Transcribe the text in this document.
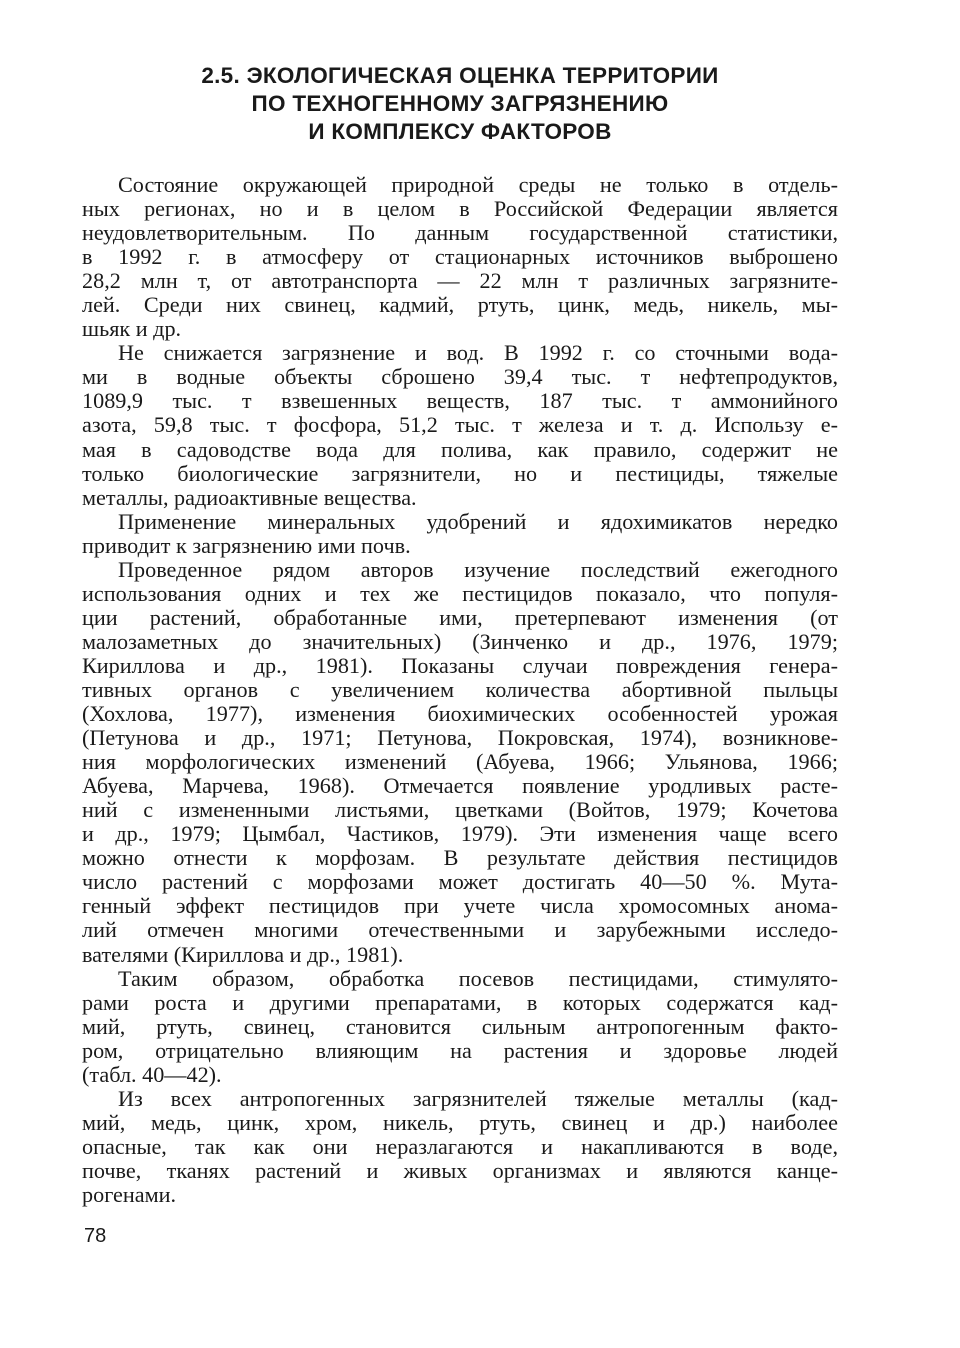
2.5. ЭКОЛОГИЧЕСКАЯ ОЦЕНКА ТЕРРИТОРИИ
ПО ТЕХНОГЕННОМУ ЗАГРЯЗНЕНИЮ
И КОМПЛЕКСУ ФАКТОРОВ

Состояние окружающей природной среды не только в отдель-
ных регионах, но и в целом в Российской Федерации является
неудовлетворительным. По данным государственной статистики,
в 1992 г. в атмосферу от стационарных источников выброшено
28,2 млн т, от автотранспорта — 22 млн т различных загрязните-
лей. Среди них свинец, кадмий, ртуть, цинк, медь, никель, мы-
шьяк и др.

Не снижается загрязнение и вод. В 1992 г. со сточными вода-
ми в водные объекты сброшено 39,4 тыс. т нефтепродуктов,
1089,9 тыс. т взвешенных веществ, 187 тыс. т аммонийного
азота, 59,8 тыс. т фосфора, 51,2 тыс. т железа и т. д. Использу е-
мая в садоводстве вода для полива, как правило, содержит не
только биологические загрязнители, но и пестициды, тяжелые
металлы, радиоактивные вещества.

Применение минеральных удобрений и ядохимикатов нередко
приводит к загрязнению ими почв.

Проведенное рядом авторов изучение последствий ежегодного
использования одних и тех же пестицидов показало, что популя-
ции растений, обработанные ими, претерпевают изменения (от
малозаметных до значительных) (Зинченко и др., 1976, 1979;
Кириллова и др., 1981). Показаны случаи повреждения генера-
тивных органов с увеличением количества абортивной пыльцы
(Хохлова, 1977), изменения биохимических особенностей урожая
(Петунова и др., 1971; Петунова, Покровская, 1974), возникнове-
ния морфологических изменений (Абуева, 1966; Ульянова, 1966;
Абуева, Марчева, 1968). Отмечается появление уродливых расте-
ний с измененными листьями, цветками (Войтов, 1979; Кочетова
и др., 1979; Цымбал, Частиков, 1979). Эти изменения чаще всего
можно отнести к морфозам. В результате действия пестицидов
число растений с морфозами может достигать 40—50 %. Мута-
генный эффект пестицидов при учете числа хромосомных анома-
лий отмечен многими отечественными и зарубежными исследо-
вателями (Кириллова и др., 1981).

Таким образом, обработка посевов пестицидами, стимулято-
рами роста и другими препаратами, в которых содержатся кад-
мий, ртуть, свинец, становится сильным антропогенным факто-
ром, отрицательно влияющим на растения и здоровье людей
(табл. 40—42).

Из всех антропогенных загрязнителей тяжелые металлы (кад-
мий, медь, цинк, хром, никель, ртуть, свинец и др.) наиболее
опасные, так как они неразлагаются и накапливаются в воде,
почве, тканях растений и живых организмах и являются канце-
рогенами.

78
